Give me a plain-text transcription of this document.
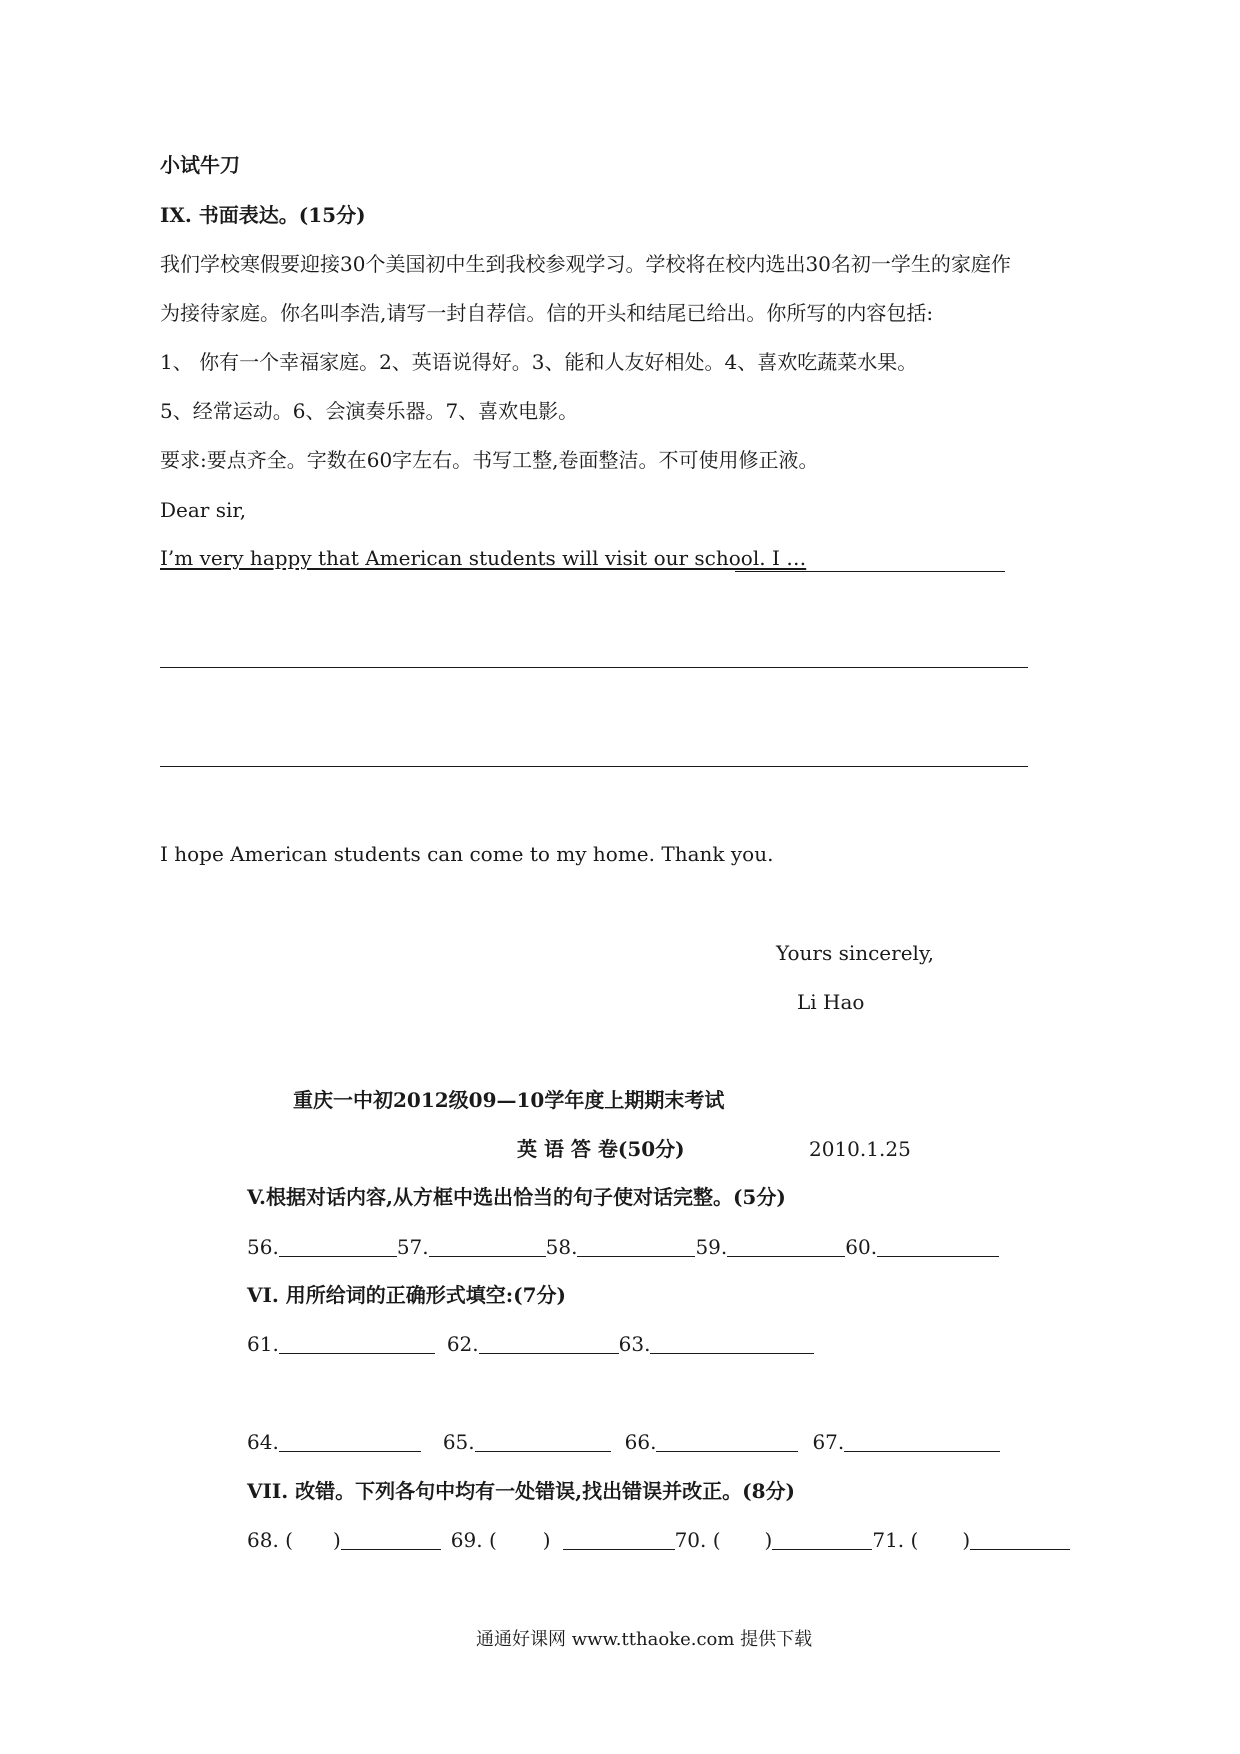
小试牛刀
IX. 书面表达。(15分)
我们学校寒假要迎接30个美国初中生到我校参观学习。学校将在校内选出30名初一学生的家庭作
为接待家庭。你名叫李浩,请写一封自荐信。信的开头和结尾已给出。你所写的内容包括:
1、 你有一个幸福家庭。2、英语说得好。3、能和人友好相处。4、喜欢吃蔬菜水果。
5、经常运动。6、会演奏乐器。7、喜欢电影。
要求:要点齐全。字数在60字左右。书写工整,卷面整洁。不可使用修正液。
Dear sir,
I’m very happy that American students will visit our school. I …
I hope American students can come to my home. Thank you.
Yours sincerely,
Li Hao
重庆一中初2012级09—10学年度上期期末考试
英 语 答 卷(50分)	2010.1.25
V.根据对话内容,从方框中选出恰当的句子使对话完整。(5分)
56.	57.	58.	59.	60.
VI. 用所给词的正确形式填空:(7分)
61.	62.	63.
64.	65.	66.	67.
VII. 改错。下列各句中均有一处错误,找出错误并改正。(8分)
68. ( )	69. ( )	70. ( )	71. ( )
通通好课网 www.tthaoke.com 提供下载
